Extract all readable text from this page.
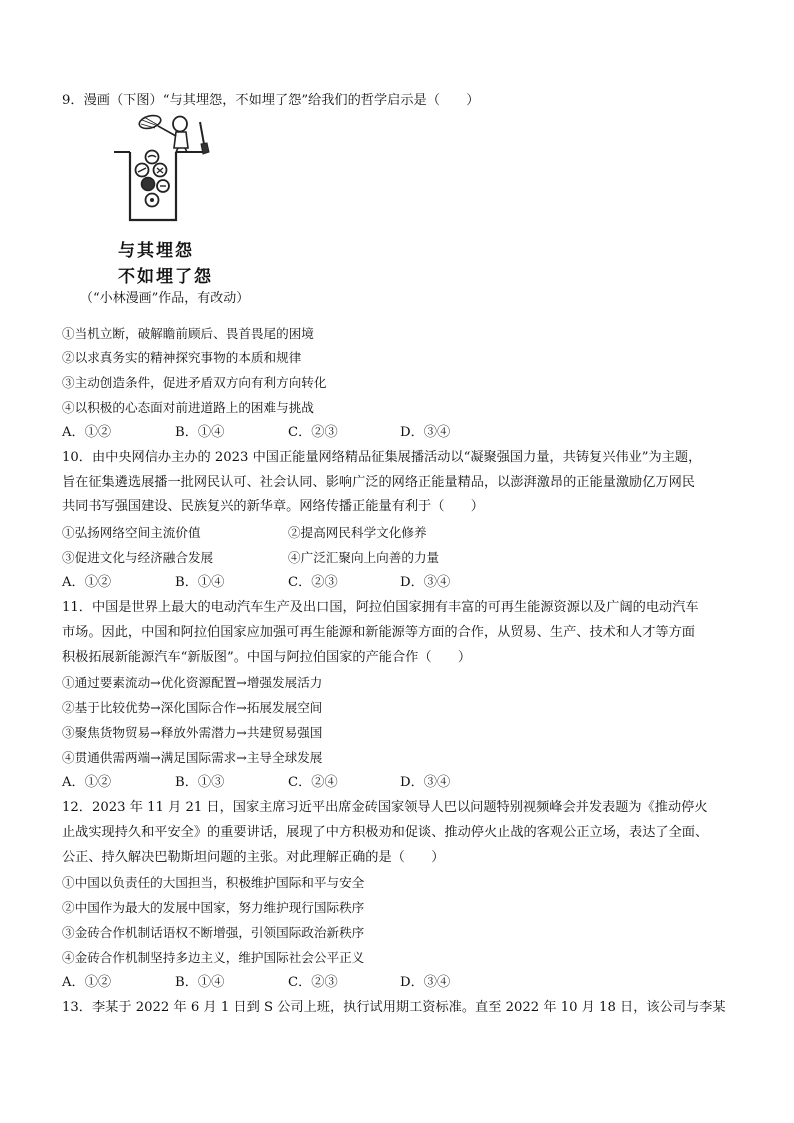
9．漫画（下图）“与其埋怨，不如埋了怨”给我们的哲学启示是（　　）
与其埋怨
不如埋了怨
（“小林漫画”作品，有改动）
①当机立断，破解瞻前顾后、畏首畏尾的困境
②以求真务实的精神探究事物的本质和规律
③主动创造条件，促进矛盾双方向有利方向转化
④以积极的心态面对前进道路上的困难与挑战
A．①②	B．①④	C．②③	D．③④
10．由中央网信办主办的 2023 中国正能量网络精品征集展播活动以“凝聚强国力量，共铸复兴伟业”为主题，
旨在征集遴选展播一批网民认可、社会认同、影响广泛的网络正能量精品，以澎湃激昂的正能量激励亿万网民
共同书写强国建设、民族复兴的新华章。网络传播正能量有利于（　　）
①弘扬网络空间主流价值	②提高网民科学文化修养
③促进文化与经济融合发展	④广泛汇聚向上向善的力量
A．①②	B．①④	C．②③	D．③④
11．中国是世界上最大的电动汽车生产及出口国，阿拉伯国家拥有丰富的可再生能源资源以及广阔的电动汽车
市场。因此，中国和阿拉伯国家应加强可再生能源和新能源等方面的合作，从贸易、生产、技术和人才等方面
积极拓展新能源汽车“新版图”。中国与阿拉伯国家的产能合作（　　）
①通过要素流动→优化资源配置→增强发展活力
②基于比较优势→深化国际合作→拓展发展空间
③聚焦货物贸易→释放外需潜力→共建贸易强国
④贯通供需两端→满足国际需求→主导全球发展
A．①②	B．①③	C．②④	D．③④
12．2023 年 11 月 21 日，国家主席习近平出席金砖国家领导人巴以问题特别视频峰会并发表题为《推动停火
止战实现持久和平安全》的重要讲话，展现了中方积极劝和促谈、推动停火止战的客观公正立场，表达了全面、
公正、持久解决巴勒斯坦问题的主张。对此理解正确的是（　　）
①中国以负责任的大国担当，积极维护国际和平与安全
②中国作为最大的发展中国家，努力维护现行国际秩序
③金砖合作机制话语权不断增强，引领国际政治新秩序
④金砖合作机制坚持多边主义，维护国际社会公平正义
A．①②	B．①④	C．②③	D．③④
13．李某于 2022 年 6 月 1 日到 S 公司上班，执行试用期工资标准。直至 2022 年 10 月 18 日，该公司与李某
